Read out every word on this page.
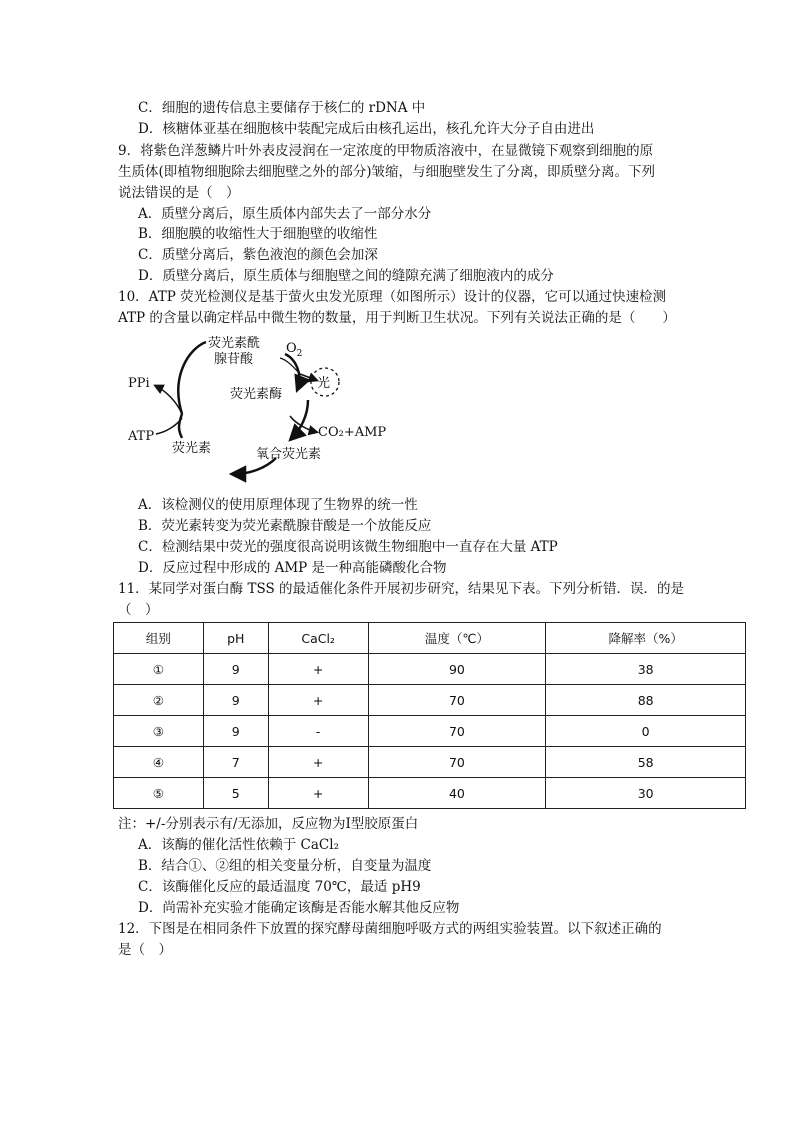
C．细胞的遗传信息主要储存于核仁的 rDNA 中
D．核糖体亚基在细胞核中装配完成后由核孔运出，核孔允许大分子自由进出
9．将紫色洋葱鳞片叶外表皮浸润在一定浓度的甲物质溶液中，在显微镜下观察到细胞的原
生质体(即植物细胞除去细胞壁之外的部分)皱缩，与细胞壁发生了分离，即质壁分离。下列
说法错误的是（　）
A．质壁分离后，原生质体内部失去了一部分水分
B．细胞膜的收缩性大于细胞壁的收缩性
C．质壁分离后，紫色液泡的颜色会加深
D．质壁分离后，原生质体与细胞壁之间的缝隙充满了细胞液内的成分
10．ATP 荧光检测仪是基于萤火虫发光原理（如图所示）设计的仪器，它可以通过快速检测
ATP 的含量以确定样品中微生物的数量，用于判断卫生状况。下列有关说法正确的是（　　）
荧光素酰
腺苷酸
$O_2$
光
荧光素酶
PPi
ATP
荧光素
CO₂+AMP
氧合荧光素
A．该检测仪的使用原理体现了生物界的统一性
B．荧光素转变为荧光素酰腺苷酸是一个放能反应
C．检测结果中荧光的强度很高说明该微生物细胞中一直存在大量 ATP
D．反应过程中形成的 AMP 是一种高能磷酸化合物
11．某同学对蛋白酶 TSS 的最适催化条件开展初步研究，结果见下表。下列分析错．误．的是
（　）
组别	pH	CaCl₂	温度（℃）	降解率（%）
①	9	+	90	38
②	9	+	70	88
③	9	-	70	0
④	7	+	70	58
⑤	5	+	40	30
注：+/-分别表示有/无添加，反应物为Ⅰ型胶原蛋白
A．该酶的催化活性依赖于 CaCl₂
B．结合①、②组的相关变量分析，自变量为温度
C．该酶催化反应的最适温度 70℃，最适 pH9
D．尚需补充实验才能确定该酶是否能水解其他反应物
12．下图是在相同条件下放置的探究酵母菌细胞呼吸方式的两组实验装置。以下叙述正确的
是（　）
